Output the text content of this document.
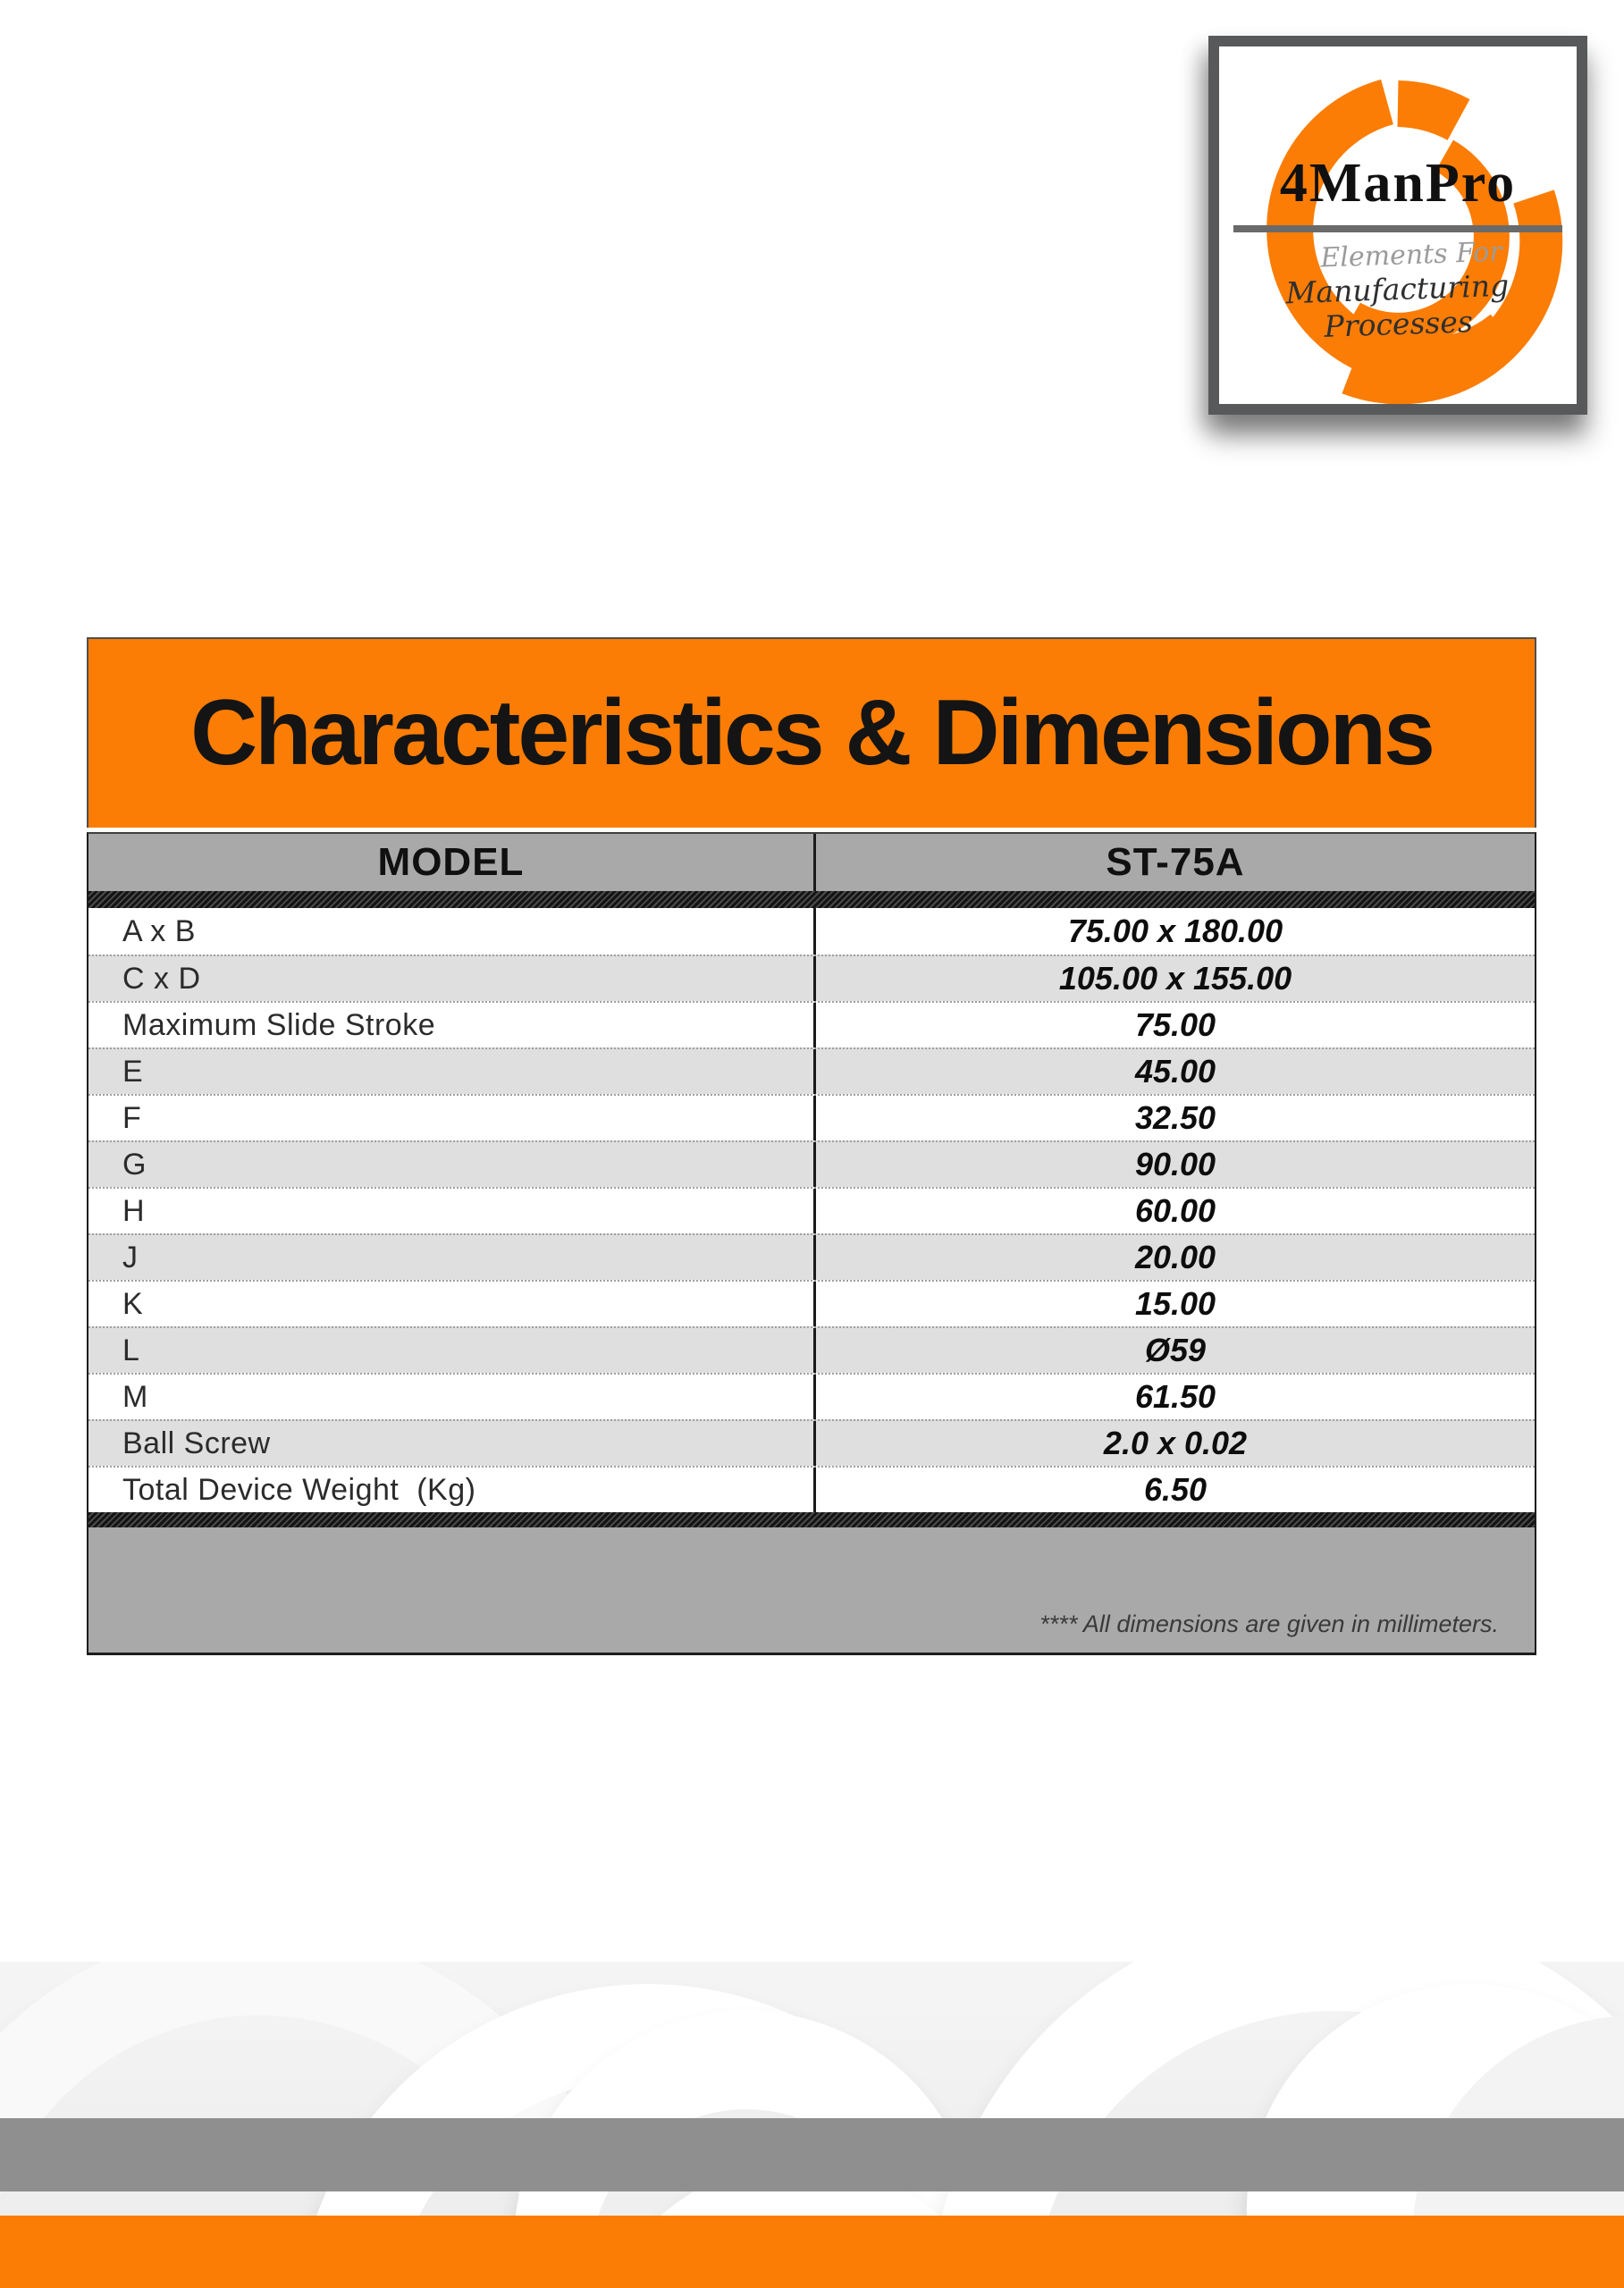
4ManPro
Elements For
Manufacturing Processes
Characteristics & Dimensions
MODEL	ST-75A
A x B	75.00 x 180.00
C x D	105.00 x 155.00
Maximum Slide Stroke	75.00
E	45.00
F	32.50
G	90.00
H	60.00
J	20.00
K	15.00
L	Ø59
M	61.50
Ball Screw	2.0 x 0.02
Total Device Weight  (Kg)	6.50
**** All dimensions are given in millimeters.
